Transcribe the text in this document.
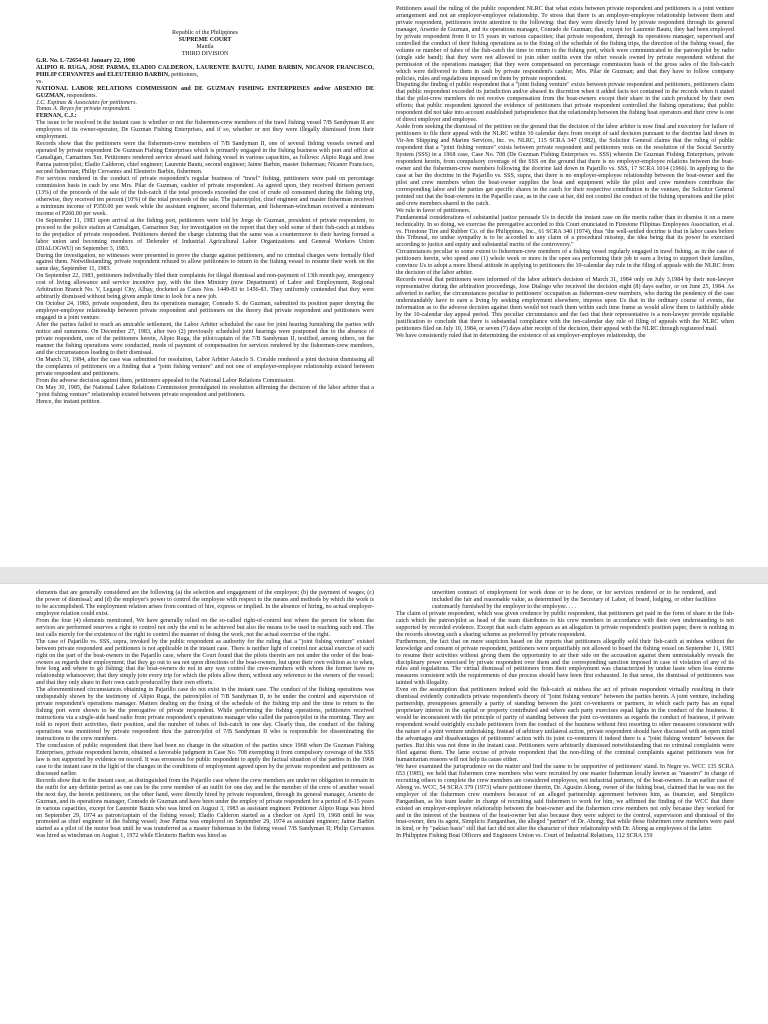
Republic of the Philippines

SUPREME COURT

Manila

THIRD DIVISION

G.R. No. L-72654-61 January 22, 1990

ALIPIO R. RUGA, JOSE PARMA, ELADIO CALDERON, LAURENTE BAUTU, JAIME BARBIN, NICANOR FRANCISCO, PHILIP CERVANTES and ELEUTERIO BARBIN, petitioners,

vs.

NATIONAL LABOR RELATIONS COMMISSION and DE GUZMAN FISHING ENTERPRISES and/or ARSENIO DE GUZMAN, respondents.

J.C. Espinas & Associates for petitioners.

Tomas A. Reyes for private respondent.

FERNAN, C.J.:

The issue to be resolved in the instant case is whether or not the fishermen-crew members of the trawl fishing vessel 7/B Sandyman II are employees of its owner-operator, De Guzman Fishing Enterprises, and if so, whether or not they were illegally dismissed from their employment.

Records show that the petitioners were the fishermen-crew members of 7/B Sandyman II, one of several fishing vessels owned and operated by private respondent De Guzman Fishing Enterprises which is primarily engaged in the fishing business with port and office at Camaligan, Camarines Sur. Petitioners rendered service aboard said fishing vessel in various capacities, as follows: Alipio Ruga and Jose Parma patron/pilot; Eladio Calderon, chief engineer; Laurente Bautu, second engineer; Jaime Barbin, master fisherman; Nicanor Francisco, second fisherman; Philip Cervantes and Eleuterio Barbin, fishermen.

For services rendered in the conduct of private respondent's regular business of "trawl" fishing, petitioners were paid on percentage commission basis in cash by one Mrs. Pilar de Guzman, cashier of private respondent. As agreed upon, they received thirteen percent (13%) of the proceeds of the sale of the fish-catch if the total proceeds exceeded the cost of crude oil consumed during the fishing trip, otherwise, they received ten percent (10%) of the total proceeds of the sale. The patron/pilot, chief engineer and master fisherman received a minimum income of P350.00 per week while the assistant engineer, second fisherman, and fisherman-winchman received a minimum income of P260.00 per week.

On September 11, 1983 upon arrival at the fishing port, petitioners were told by Jorge de Guzman, president of private respondent, to proceed to the police station at Camaligan, Camarines Sur, for investigation on the report that they sold some of their fish-catch at midsea to the prejudice of private respondent. Petitioners denied the charge claiming that the same was a countermove to their having formed a labor union and becoming members of Defender of Industrial Agricultural Labor Organizations and General Workers Union (DIALOGWU) on September 3, 1983.

During the investigation, no witnesses were presented to prove the charge against petitioners, and no criminal charges were formally filed against them. Notwithstanding, private respondent refused to allow petitioners to return to the fishing vessel to resume their work on the same day, September 11, 1983.

On September 22, 1983, petitioners individually filed their complaints for illegal dismissal and non-payment of 13th month pay, emergency cost of living allowance and service incentive pay, with the then Ministry (now Department) of Labor and Employment, Regional Arbitration Branch No. V, Legaspi City, Albay, docketed as Cases Nos. 1449-83 to 1456-83. They uniformly contended that they were arbitrarily dismissed without being given ample time to look for a new job.

On October 24, 1983, private respondent, thru its operations manager, Conrado S. de Guzman, submitted its position paper denying the employer-employee relationship between private respondent and petitioners on the theory that private respondent and petitioners were engaged in a joint venture.

After the parties failed to reach an amicable settlement, the Labor Arbiter scheduled the case for joint hearing furnishing the parties with notice and summons. On December 27, 1983, after two (2) previously scheduled joint hearings were postponed due to the absence of private respondent, one of the petitioners herein, Alipio Ruga, the pilot/captain of the 7/B Sandyman II, testified, among others, on the manner the fishing operations were conducted, mode of payment of compensation for services rendered by the fishermen-crew members, and the circumstances leading to their dismissal.

On March 31, 1984, after the case was submitted for resolution, Labor Arbiter Asisclo S. Coralde rendered a joint decision dismissing all the complaints of petitioners on a finding that a "joint fishing venture" and not one of employer-employee relationship existed between private respondent and petitioners.

From the adverse decision against them, petitioners appealed to the National Labor Relations Commission.

On May 30, 1985, the National Labor Relations Commission promulgated its resolution affirming the decision of the labor arbiter that a "joint fishing venture" relationship existed between private respondent and petitioners.

Hence, the instant petition.

Petitioners assail the ruling of the public respondent NLRC that what exists between private respondent and petitioners is a joint venture arrangement and not an employer-employee relationship. To stress that there is an employer-employee relationship between them and private respondent, petitioners invite attention to the following: that they were directly hired by private respondent through its general manager, Arsenio de Guzman, and its operations manager, Conrado de Guzman; that, except for Laurente Bautu, they had been employed by private respondent from 8 to 15 years in various capacities; that private respondent, through its operations manager, supervised and controlled the conduct of their fishing operations as to the fixing of the schedule of the fishing trips, the direction of the fishing vessel, the volume or number of tubes of the fish-catch the time to return to the fishing port, which were communicated to the patron/pilot by radio (single side band); that they were not allowed to join other outfits even the other vessels owned by private respondent without the permission of the operations manager; that they were compensated on percentage commission basis of the gross sales of the fish-catch which were delivered to them in cash by private respondent's cashier, Mrs. Pilar de Guzman; and that they have to follow company policies, rules and regulations imposed on them by private respondent.

Disputing the finding of public respondent that a "joint fishing venture" exists between private respondent and petitioners, petitioners claim that public respondent exceeded its jurisdiction and/or abused its discretion when it added facts not contained in the records when it stated that the pilot-crew members do not receive compensation from the boat-owners except their share in the catch produced by their own efforts; that public respondent ignored the evidence of petitioners that private respondent controlled the fishing operations; that public respondent did not take into account established jurisprudence that the relationship between the fishing boat operators and their crew is one of direct employer and employee.

Aside from seeking the dismissal of the petition on the ground that the decision of the labor arbiter is now final and executory for failure of petitioners to file their appeal with the NLRC within 10 calendar days from receipt of said decision pursuant to the doctrine laid down in Vir-Jen Shipping and Marine Services, Inc. vs. NLRC, 115 SCRA 347 (1982), the Solicitor General claims that the ruling of public respondent that a "joint fishing venture" exists between private respondent and petitioners rests on the resolution of the Social Security System (SSS) in a 1968 case, Case No. 708 (De Guzman Fishing Enterprises vs. SSS) wherein De Guzman Fishing Enterprises, private respondent herein, from compulsory coverage of the SSS on the ground that there is no employer-employee relations between the boat-owner and the fishermen-crew members following the doctrine laid down in Pajarillo vs. SSS, 17 SCRA 1014 (1966). In applying to the case at bar the doctrine in the Pajarillo vs. SSS, supra, that there is no employer-employee relationship between the boat-owner and the pilot and crew members when the boat-owner supplies the boat and equipment while the pilot and crew members contribute the corresponding labor and the parties get specific shares in the catch for their respective contribution to the venture, the Solicitor General pointed out that the boat-owners in the Pajarillo case, as in the case at bar, did not control the conduct of the fishing operations and the pilot and crew members shared in the catch.

We rule in favor of petitioners.

Fundamental considerations of substantial justice persuade Us to decide the instant case on the merits rather than to dismiss it on a mere technicality. In so doing, we exercise the prerogative accorded to this Court enunciated in Firestone Filipinas Employees Association, et al. vs. Firestone Tire and Rubber Co. of the Philippines, Inc., 61 SCRA 340 (1974), thus "the well-settled doctrine is that in labor cases before this Tribunal, no undue sympathy is to be accorded to any claim of a procedural misstep, the idea being that its power be exercised according to justice and equity and substantial merits of the controversy."

Circumstances peculiar to some extent to fishermen-crew members of a fishing vessel regularly engaged in trawl fishing, as in the case of petitioners herein, who spend one (1) whole week or more in the open sea performing their job to earn a living to support their families, convince Us to adopt a more liberal attitude in applying to petitioners the 10-calendar day rule in the filing of appeals with the NLRC from the decision of the labor arbiter.

Records reveal that petitioners were informed of the labor arbiter's decision of March 31, 1984 only on July 3,1984 by their non-lawyer representative during the arbitration proceedings, Jose Dialogo who received the decision eight (8) days earlier, or on June 25, 1984. As adverted to earlier, the circumstances peculiar to petitioners' occupation as fishermen-crew members, who during the pendency of the case understandably have to earn a living by seeking employment elsewhere, impress upon Us that in the ordinary course of events, the information as to the adverse decision against them would not reach them within such time frame as would allow them to faithfully abide by the 10-calendar day appeal period. This peculiar circumstance and the fact that their representative is a non-lawyer provide equitable justification to conclude that there is substantial compliance with the ten-calendar day rule of filing of appeals with the NLRC when petitioners filed on July 10, 1984, or seven (7) days after receipt of the decision, their appeal with the NLRC through registered mail.

We have consistently ruled that in determining the existence of an employer-employee relationship, the

elements that are generally considered are the following (a) the selection and engagement of the employee; (b) the payment of wages; (c) the power of dismissal; and (d) the employer's power to control the employee with respect to the means and methods by which the work is to be accomplished. The employment relation arises from contract of hire, express or implied. In the absence of hiring, no actual employer-employee relation could exist.

From the four (4) elements mentioned, We have generally relied on the so-called right-of-control test where the person for whom the services are performed reserves a right to control not only the end to be achieved but also the means to be used in reaching such end. The test calls merely for the existence of the right to control the manner of doing the work, not the actual exercise of the right.

The case of Pajarillo vs. SSS, supra, invoked by the public respondent as authority for the ruling that a "joint fishing venture" existed between private respondent and petitioners is not applicable in the instant case. There is neither light of control nor actual exercise of such right on the part of the boat-owners in the Pajarillo case, where the Court found that the pilots therein are not under the order of the boat-owners as regards their employment; that they go out to sea not upon directions of the boat-owners, but upon their own volition as to when, how long and where to go fishing; that the boat-owners do not in any way control the crew-members with whom the former have no relationship whatsoever; that they simply join every trip for which the pilots allow them, without any reference to the owners of the vessel; and that they only share in their own catch produced by their own efforts.

The aforementioned circumstances obtaining in Pajarillo case do not exist in the instant case. The conduct of the fishing operations was undisputably shown by the testimony of Alipio Ruga, the patron/pilot of 7/B Sandyman II, to be under the control and supervision of private respondent's operations manager. Matters dealing on the fixing of the schedule of the fishing trip and the time to return to the fishing port were shown to be the prerogative of private respondent. While performing the fishing operations, petitioners received instructions via a single-side band radio from private respondent's operations manager who called the patron/pilot in the morning. They are told to report their activities, their position, and the number of tubes of fish-catch in one day. Clearly thus, the conduct of the fishing operations was monitored by private respondent thru the patron/pilot of 7/B Sandyman II who is responsible for disseminating the instructions to the crew members.

The conclusion of public respondent that there had been no change in the situation of the parties since 1968 when De Guzman Fishing Enterprises, private respondent herein, obtained a favorable judgment in Case No. 708 exempting it from compulsory coverage of the SSS law is not supported by evidence on record. It was erroneous for public respondent to apply the factual situation of the parties in the 1968 case to the instant case in the light of the changes in the conditions of employment agreed upon by the private respondent and petitioners as discussed earlier.

Records show that in the instant case, as distinguished from the Pajarillo case where the crew members are under no obligation to remain in the outfit for any definite period as one can be the crew member of an outfit for one day and be the member of the crew of another vessel the next day, the herein petitioners, on the other hand, were directly hired by private respondent, through its general manager, Arsenio de Guzman, and its operations manager, Conrado de Guzman and have been under the employ of private respondent for a period of 8-15 years in various capacities, except for Laurente Bautu who was hired on August 3, 1983 as assistant engineer. Petitioner Alipio Ruga was hired on September 29, 1974 as patron/captain of the fishing vessel; Eladio Calderon started as a checker on April 19, 1968 until he was promoted as chief engineer of the fishing vessel; Jose Parma was employed on September 29, 1974 as assistant engineer; Jaime Barbin started as a pilot of the motor boat until he was transferred as a master fisherman to the fishing vessel 7/B Sandyman II; Philip Cervantes was hired as winchman on August 1, 1972 while Eleuterio Barbin was hired as

unwritten contract of employment for work done or to be done, or for services rendered or to be rendered, and included the fair and reasonable value, as determined by the Secretary of Labor, of board, lodging, or other facilities customarily furnished by the employer to the employee. . . .

The claim of private respondent, which was given credence by public respondent, that petitioners get paid in the form of share in the fish-catch which the patron/pilot as head of the team distributes to his crew members in accordance with their own understanding is not supported by recorded evidence. Except that such claim appears as an allegation in private respondent's position paper, there is nothing in the records showing such a sharing scheme as preferred by private respondent.

Furthermore, the fact that on mere suspicion based on the reports that petitioners allegedly sold their fish-catch at midsea without the knowledge and consent of private respondent, petitioners were unjustifiably not allowed to board the fishing vessel on September 11, 1983 to resume their activities without giving them the opportunity to air their side on the accusation against them unmistakably reveals the disciplinary power exercised by private respondent over them and the corresponding sanction imposed in case of violation of any of its rules and regulations. The virtual dismissal of petitioners from their employment was characterized by undue haste when less extreme measures consistent with the requirements of due process should have been first exhausted. In that sense, the dismissal of petitioners was tainted with illegality.

Even on the assumption that petitioners indeed sold the fish-catch at midsea the act of private respondent virtually resulting in their dismissal evidently contradicts private respondent's theory of "joint fishing venture" between the parties herein. A joint venture, including partnership, presupposes generally a parity of standing between the joint co-venturers or partners, in which each party has an equal proprietary interest in the capital or property contributed and where each party exercises equal lights in the conduct of the business. It would be inconsistent with the principle of parity of standing between the joint co-venturers as regards the conduct of business, if private respondent would outrightly exclude petitioners from the conduct of the business without first resorting to other measures consistent with the nature of a joint venture undertaking. Instead of arbitrary unilateral action, private respondent should have discussed with an open mind the advantages and disadvantages of petitioners' action with its joint co-venturers if indeed there is a "joint fishing venture" between the parties. But this was not done in the instant case. Petitioners were arbitrarily dismissed notwithstanding that no criminal complaints were filed against them. The lame excuse of private respondent that the non-filing of the criminal complaints against petitioners was for humanitarian reasons will not help its cause either.

We have examined the jurisprudence on the matter and find the same to be supportive of petitioners' stand. In Negre vs. WCC 135 SCRA 653 (1985), we held that fishermen crew members who were recruited by one master fisherman locally known as "maestro" in charge of recruiting others to complete the crew members are considered employees, not industrial partners, of the boat-owners. In an earlier case of Abong vs. WCC, 54 SCRA 379 (1973) where petitioner therein, Dr. Agustin Abong, owner of the fishing boat, claimed that he was not the employer of the fishermen crew members because of an alleged partnership agreement between him, as financier, and Simplicio Panganiban, as his team leader in charge of recruiting said fishermen to work for him, we affirmed the finding of the WCC that there existed an employer-employee relationship between the boat-owner and the fishermen crew members not only because they worked for and in the interest of the business of the boat-owner but also because they were subject to the control, supervision and dismissal of the boat-owner, thru its agent, Simplicio Panganiban, the alleged "partner" of Dr. Abong; that while these fishermen crew members were paid in kind, or by "pakiao basis" still that fact did not alter the character of their relationship with Dr. Abong as employees of the latter.

In Philippine Fishing Boat Officers and Engineers Union vs. Court of Industrial Relations, 112 SCRA 159
